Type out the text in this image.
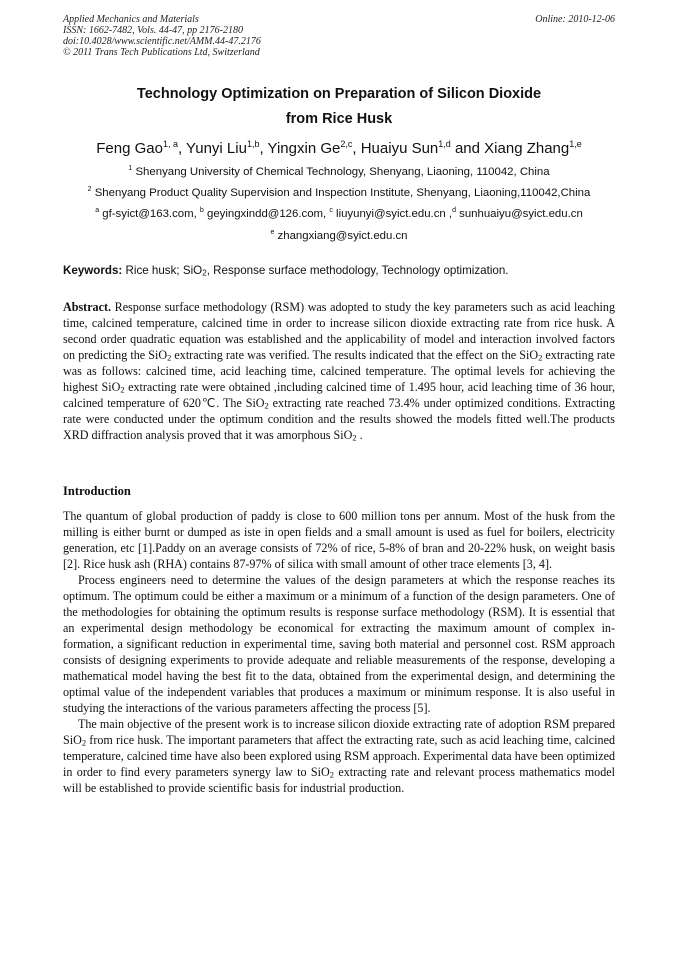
Applied Mechanics and Materials
ISSN: 1662-7482, Vols. 44-47, pp 2176-2180
doi:10.4028/www.scientific.net/AMM.44-47.2176
© 2011 Trans Tech Publications Ltd, Switzerland
Online: 2010-12-06
Technology Optimization on Preparation of Silicon Dioxide
from Rice Husk
Feng Gao$^{1, a}$, Yunyi Liu$^{1,b}$, Yingxin Ge$^{2,c}$, Huaiyu Sun$^{1,d}$ and Xiang Zhang$^{1,e}$
$^1$ Shenyang University of Chemical Technology, Shenyang, Liaoning, 110042, China
$^2$ Shenyang Product Quality Supervision and Inspection Institute, Shenyang, Liaoning,110042,China
$^a$ gf-syict@163.com, $^b$ geyingxindd@126.com, $^c$ liuyunyi@syict.edu.cn ,$^d$ sunhuaiyu@syict.edu.cn
$^e$ zhangxiang@syict.edu.cn
Keywords: Rice husk; SiO$_2$, Response surface methodology, Technology optimization.
Abstract. Response surface methodology (RSM) was adopted to study the key parameters such as acid leaching time, calcined temperature, calcined time in order to increase silicon dioxide extracting rate from rice husk. A second order quadratic equation was established and the applicability of model and interaction involved factors on predicting the SiO$_2$ extracting rate was verified. The results indicated that the effect on the SiO$_2$ extracting rate was as follows: calcined time, acid leaching time, calcined temperature. The optimal levels for achieving the highest SiO$_2$ extracting rate were obtained ,including calcined time of 1.495 hour, acid leaching time of 36 hour, calcined temperature of 620℃. The SiO$_2$ extracting rate reached 73.4% under optimized conditions. Extracting rate were conducted under the optimum condition and the results showed the models fitted well.The products XRD diffraction analysis proved that it was amorphous SiO$_2$ .
Introduction

The quantum of global production of paddy is close to 600 million tons per annum. Most of the husk from the milling is either burnt or dumped as iste in open fields and a small amount is used as fuel for boilers, electricity generation, etc [1].Paddy on an average consists of 72% of rice, 5-8% of bran and 20-22% husk, on weight basis [2]. Rice husk ash (RHA) contains 87-97% of silica with small amount of other trace elements [3, 4].

Process engineers need to determine the values of the design parameters at which the response reaches its optimum. The optimum could be either a maximum or a minimum of a function of the design parameters. One of the methodologies for obtaining the optimum results is response surface methodology (RSM). It is essential that an experimental design methodology be economical for extracting the maximum amount of complex in- formation, a significant reduction in experimental time, saving both material and personnel cost. RSM approach consists of designing experiments to provide adequate and reliable measurements of the response, developing a mathematical model having the best fit to the data, obtained from the experimental design, and determining the optimal value of the independent variables that produces a maximum or minimum response. It is also useful in studying the interactions of the various parameters affecting the process [5].

The main objective of the present work is to increase silicon dioxide extracting rate of adoption RSM prepared SiO$_2$ from rice husk. The important parameters that affect the extracting rate, such as acid leaching time, calcined temperature, calcined time have also been explored using RSM approach. Experimental data have been optimized in order to find every parameters synergy law to SiO$_2$ extracting rate and relevant process mathematics model will be established to provide scientific basis for industrial production.
